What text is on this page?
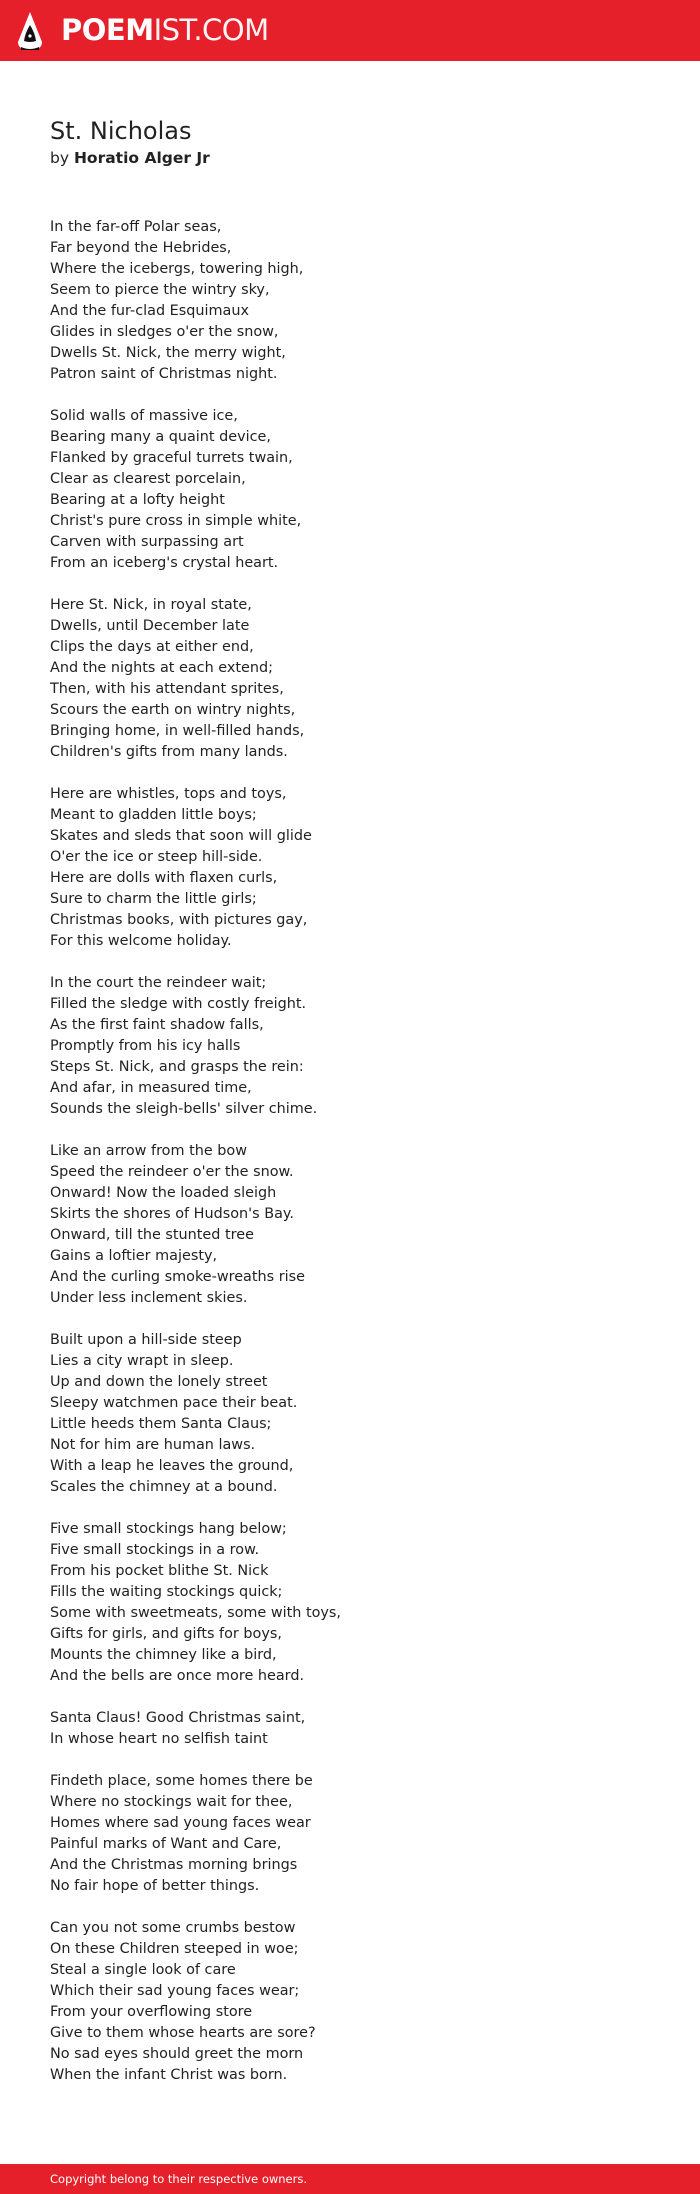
POEMIST.COM
St. Nicholas
by Horatio Alger Jr
In the far-off Polar seas,
Far beyond the Hebrides,
Where the icebergs, towering high,
Seem to pierce the wintry sky,
And the fur-clad Esquimaux
Glides in sledges o'er the snow,
Dwells St. Nick, the merry wight,
Patron saint of Christmas night.
Solid walls of massive ice,
Bearing many a quaint device,
Flanked by graceful turrets twain,
Clear as clearest porcelain,
Bearing at a lofty height
Christ's pure cross in simple white,
Carven with surpassing art
From an iceberg's crystal heart.
Here St. Nick, in royal state,
Dwells, until December late
Clips the days at either end,
And the nights at each extend;
Then, with his attendant sprites,
Scours the earth on wintry nights,
Bringing home, in well-filled hands,
Children's gifts from many lands.
Here are whistles, tops and toys,
Meant to gladden little boys;
Skates and sleds that soon will glide
O'er the ice or steep hill-side.
Here are dolls with flaxen curls,
Sure to charm the little girls;
Christmas books, with pictures gay,
For this welcome holiday.
In the court the reindeer wait;
Filled the sledge with costly freight.
As the first faint shadow falls,
Promptly from his icy halls
Steps St. Nick, and grasps the rein:
And afar, in measured time,
Sounds the sleigh-bells' silver chime.
Like an arrow from the bow
Speed the reindeer o'er the snow.
Onward! Now the loaded sleigh
Skirts the shores of Hudson's Bay.
Onward, till the stunted tree
Gains a loftier majesty,
And the curling smoke-wreaths rise
Under less inclement skies.
Built upon a hill-side steep
Lies a city wrapt in sleep.
Up and down the lonely street
Sleepy watchmen pace their beat.
Little heeds them Santa Claus;
Not for him are human laws.
With a leap he leaves the ground,
Scales the chimney at a bound.
Five small stockings hang below;
Five small stockings in a row.
From his pocket blithe St. Nick
Fills the waiting stockings quick;
Some with sweetmeats, some with toys,
Gifts for girls, and gifts for boys,
Mounts the chimney like a bird,
And the bells are once more heard.
Santa Claus! Good Christmas saint,
In whose heart no selfish taint
Findeth place, some homes there be
Where no stockings wait for thee,
Homes where sad young faces wear
Painful marks of Want and Care,
And the Christmas morning brings
No fair hope of better things.
Can you not some crumbs bestow
On these Children steeped in woe;
Steal a single look of care
Which their sad young faces wear;
From your overflowing store
Give to them whose hearts are sore?
No sad eyes should greet the morn
When the infant Christ was born.
Copyright belong to their respective owners.
